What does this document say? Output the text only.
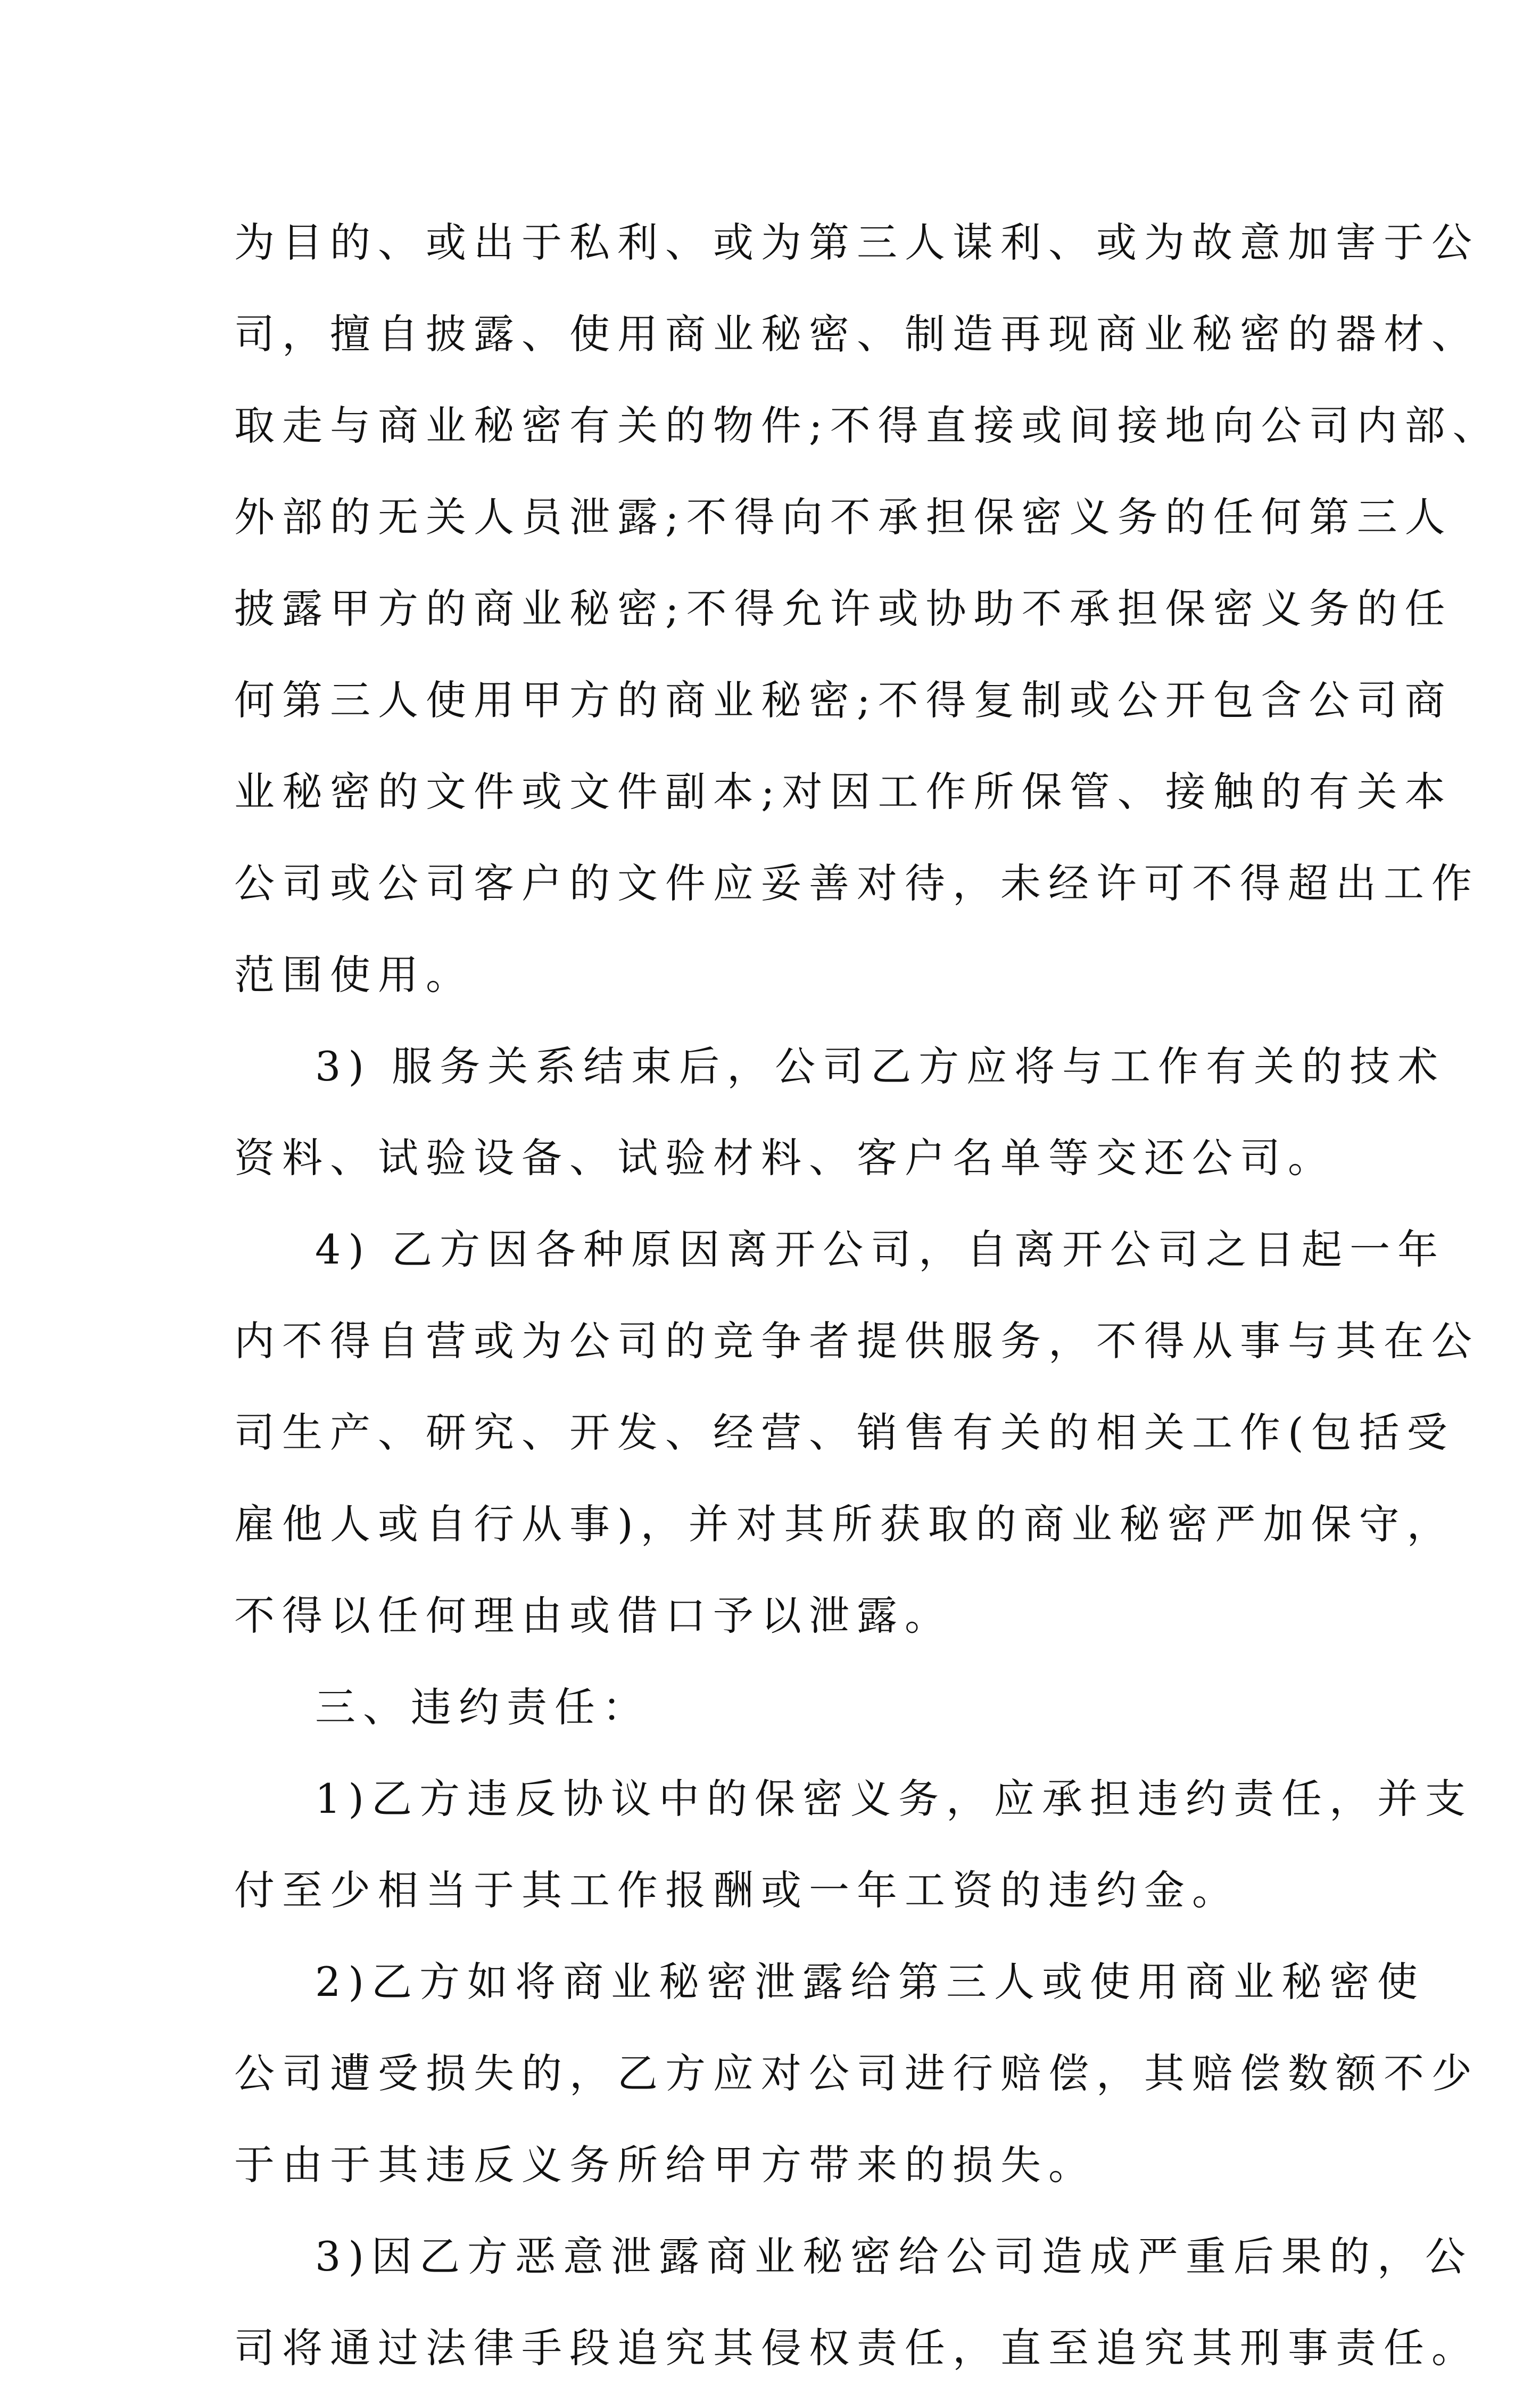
为目的、或出于私利、或为第三人谋利、或为故意加害于公
司，擅自披露、使用商业秘密、制造再现商业秘密的器材、
取走与商业秘密有关的物件;不得直接或间接地向公司内部、
外部的无关人员泄露;不得向不承担保密义务的任何第三人
披露甲方的商业秘密;不得允许或协助不承担保密义务的任
何第三人使用甲方的商业秘密;不得复制或公开包含公司商
业秘密的文件或文件副本;对因工作所保管、接触的有关本
公司或公司客户的文件应妥善对待，未经许可不得超出工作
范围使用。
3) 服务关系结束后，公司乙方应将与工作有关的技术
资料、试验设备、试验材料、客户名单等交还公司。
4) 乙方因各种原因离开公司，自离开公司之日起一年
内不得自营或为公司的竞争者提供服务，不得从事与其在公
司生产、研究、开发、经营、销售有关的相关工作(包括受
雇他人或自行从事)，并对其所获取的商业秘密严加保守，
不得以任何理由或借口予以泄露。
三、违约责任：
1)乙方违反协议中的保密义务，应承担违约责任，并支
付至少相当于其工作报酬或一年工资的违约金。
2)乙方如将商业秘密泄露给第三人或使用商业秘密使
公司遭受损失的，乙方应对公司进行赔偿，其赔偿数额不少
于由于其违反义务所给甲方带来的损失。
3)因乙方恶意泄露商业秘密给公司造成严重后果的，公
司将通过法律手段追究其侵权责任，直至追究其刑事责任。
